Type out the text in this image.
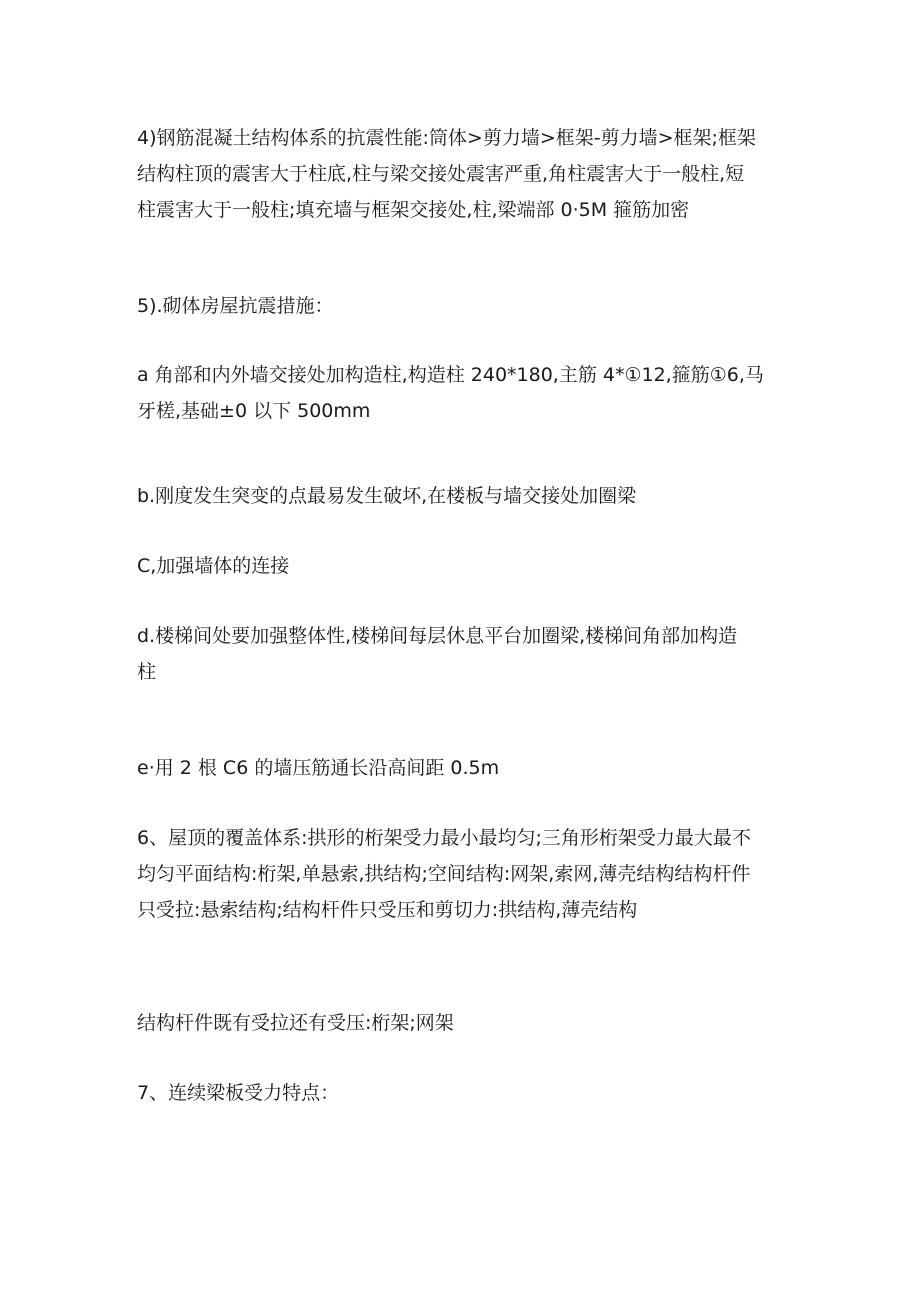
4)钢筋混凝土结构体系的抗震性能:筒体>剪力墙>框架-剪力墙>框架;框架
结构柱顶的震害大于柱底,柱与梁交接处震害严重,角柱震害大于一般柱,短
柱震害大于一般柱;填充墙与框架交接处,柱,梁端部 0·5M 箍筋加密

5).砌体房屋抗震措施：

a 角部和内外墙交接处加构造柱,构造柱 240*180,主筋 4*①12,箍筋①6,马
牙槎,基础±0 以下 500mm

b.刚度发生突变的点最易发生破坏,在楼板与墙交接处加圈梁

C,加强墙体的连接

d.楼梯间处要加强整体性,楼梯间每层休息平台加圈梁,楼梯间角部加构造
柱

e·用 2 根 C6 的墙压筋通长沿高间距 0.5m

6、屋顶的覆盖体系:拱形的桁架受力最小最均匀;三角形桁架受力最大最不
均匀平面结构:桁架,单悬索,拱结构;空间结构:网架,索网,薄壳结构结构杆件
只受拉:悬索结构;结构杆件只受压和剪切力:拱结构,薄壳结构

结构杆件既有受拉还有受压:桁架;网架

7、连续梁板受力特点：
